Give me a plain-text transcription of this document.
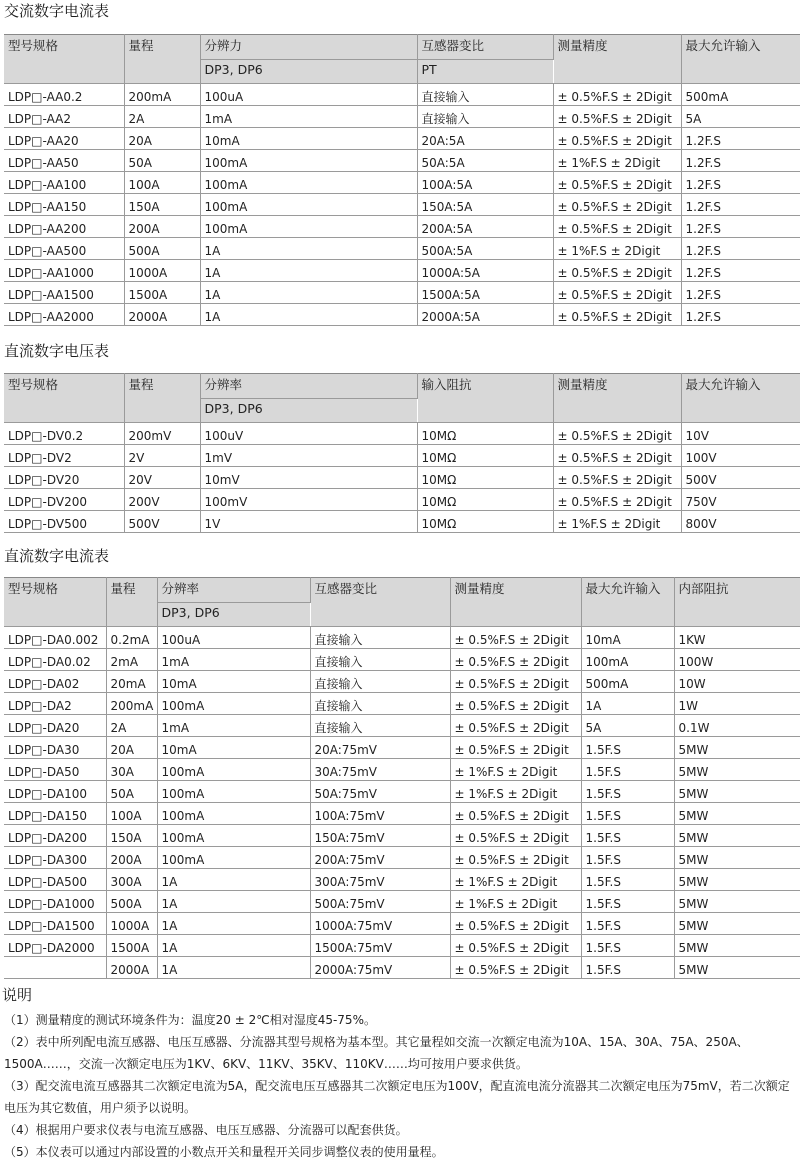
交流数字电流表
型号规格	量程	分辨力	互感器变比	测量精度	最大允许输入
		DP3, DP6	PT		
LDP□-AA0.2	200mA	100uA	直接输入	± 0.5%F.S ± 2Digit	500mA
LDP□-AA2	2A	1mA	直接输入	± 0.5%F.S ± 2Digit	5A
LDP□-AA20	20A	10mA	20A:5A	± 0.5%F.S ± 2Digit	1.2F.S
LDP□-AA50	50A	100mA	50A:5A	± 1%F.S ± 2Digit	1.2F.S
LDP□-AA100	100A	100mA	100A:5A	± 0.5%F.S ± 2Digit	1.2F.S
LDP□-AA150	150A	100mA	150A:5A	± 0.5%F.S ± 2Digit	1.2F.S
LDP□-AA200	200A	100mA	200A:5A	± 0.5%F.S ± 2Digit	1.2F.S
LDP□-AA500	500A	1A	500A:5A	± 1%F.S ± 2Digit	1.2F.S
LDP□-AA1000	1000A	1A	1000A:5A	± 0.5%F.S ± 2Digit	1.2F.S
LDP□-AA1500	1500A	1A	1500A:5A	± 0.5%F.S ± 2Digit	1.2F.S
LDP□-AA2000	2000A	1A	2000A:5A	± 0.5%F.S ± 2Digit	1.2F.S
直流数字电压表
型号规格	量程	分辨率	输入阻抗	测量精度	最大允许输入
		DP3, DP6			
LDP□-DV0.2	200mV	100uV	10MΩ	± 0.5%F.S ± 2Digit	10V
LDP□-DV2	2V	1mV	10MΩ	± 0.5%F.S ± 2Digit	100V
LDP□-DV20	20V	10mV	10MΩ	± 0.5%F.S ± 2Digit	500V
LDP□-DV200	200V	100mV	10MΩ	± 0.5%F.S ± 2Digit	750V
LDP□-DV500	500V	1V	10MΩ	± 1%F.S ± 2Digit	800V
直流数字电流表
型号规格	量程	分辨率	互感器变比	测量精度	最大允许输入	内部阻抗
		DP3, DP6				
LDP□-DA0.002	0.2mA	100uA	直接输入	± 0.5%F.S ± 2Digit	10mA	1KW
LDP□-DA0.02	2mA	1mA	直接输入	± 0.5%F.S ± 2Digit	100mA	100W
LDP□-DA02	20mA	10mA	直接输入	± 0.5%F.S ± 2Digit	500mA	10W
LDP□-DA2	200mA	100mA	直接输入	± 0.5%F.S ± 2Digit	1A	1W
LDP□-DA20	2A	1mA	直接输入	± 0.5%F.S ± 2Digit	5A	0.1W
LDP□-DA30	20A	10mA	20A:75mV	± 0.5%F.S ± 2Digit	1.5F.S	5MW
LDP□-DA50	30A	100mA	30A:75mV	± 1%F.S ± 2Digit	1.5F.S	5MW
LDP□-DA100	50A	100mA	50A:75mV	± 1%F.S ± 2Digit	1.5F.S	5MW
LDP□-DA150	100A	100mA	100A:75mV	± 0.5%F.S ± 2Digit	1.5F.S	5MW
LDP□-DA200	150A	100mA	150A:75mV	± 0.5%F.S ± 2Digit	1.5F.S	5MW
LDP□-DA300	200A	100mA	200A:75mV	± 0.5%F.S ± 2Digit	1.5F.S	5MW
LDP□-DA500	300A	1A	300A:75mV	± 1%F.S ± 2Digit	1.5F.S	5MW
LDP□-DA1000	500A	1A	500A:75mV	± 1%F.S ± 2Digit	1.5F.S	5MW
LDP□-DA1500	1000A	1A	1000A:75mV	± 0.5%F.S ± 2Digit	1.5F.S	5MW
LDP□-DA2000	1500A	1A	1500A:75mV	± 0.5%F.S ± 2Digit	1.5F.S	5MW
	2000A	1A	2000A:75mV	± 0.5%F.S ± 2Digit	1.5F.S	5MW
说明
（1）测量精度的测试环境条件为：温度20 ± 2℃相对湿度45-75%。
（2）表中所列配电流互感器、电压互感器、分流器其型号规格为基本型。其它量程如交流一次额定电流为10A、15A、30A、75A、250A、1500A……，交流一次额定电压为1KV、6KV、11KV、35KV、110KV……均可按用户要求供货。
（3）配交流电流互感器其二次额定电流为5A，配交流电压互感器其二次额定电压为100V，配直流电流分流器其二次额定电压为75mV，若二次额定电压为其它数值，用户须予以说明。
（4）根据用户要求仪表与电流互感器、电压互感器、分流器可以配套供货。
（5）本仪表可以通过内部设置的小数点开关和量程开关同步调整仪表的使用量程。
